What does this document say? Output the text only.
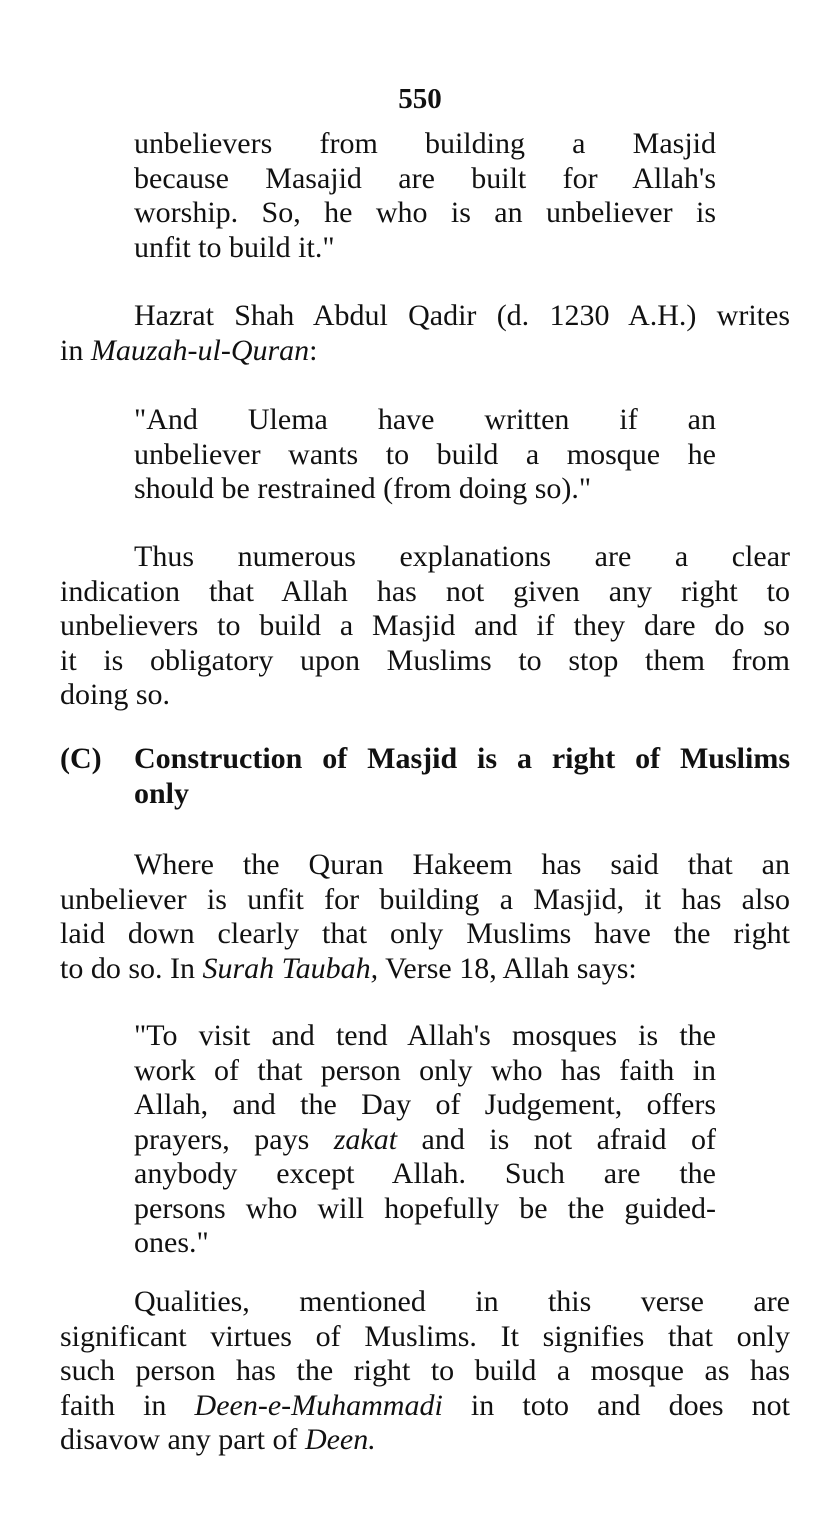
550
unbelievers from building a Masjid
because Masajid are built for Allah's
worship. So, he who is an unbeliever is
unfit to build it."
Hazrat Shah Abdul Qadir (d. 1230 A.H.) writes
in Mauzah-ul-Quran:
"And Ulema have written if an
unbeliever wants to build a mosque he
should be restrained (from doing so)."
Thus numerous explanations are a clear
indication that Allah has not given any right to
unbelievers to build a Masjid and if they dare do so
it is obligatory upon Muslims to stop them from
doing so.
(C) Construction of Masjid is a right of Muslims
only
Where the Quran Hakeem has said that an
unbeliever is unfit for building a Masjid, it has also
laid down clearly that only Muslims have the right
to do so. In Surah Taubah, Verse 18, Allah says:
"To visit and tend Allah's mosques is the
work of that person only who has faith in
Allah, and the Day of Judgement, offers
prayers, pays zakat and is not afraid of
anybody except Allah. Such are the
persons who will hopefully be the guided-
ones."
Qualities, mentioned in this verse are
significant virtues of Muslims. It signifies that only
such person has the right to build a mosque as has
faith in Deen-e-Muhammadi in toto and does not
disavow any part of Deen.
